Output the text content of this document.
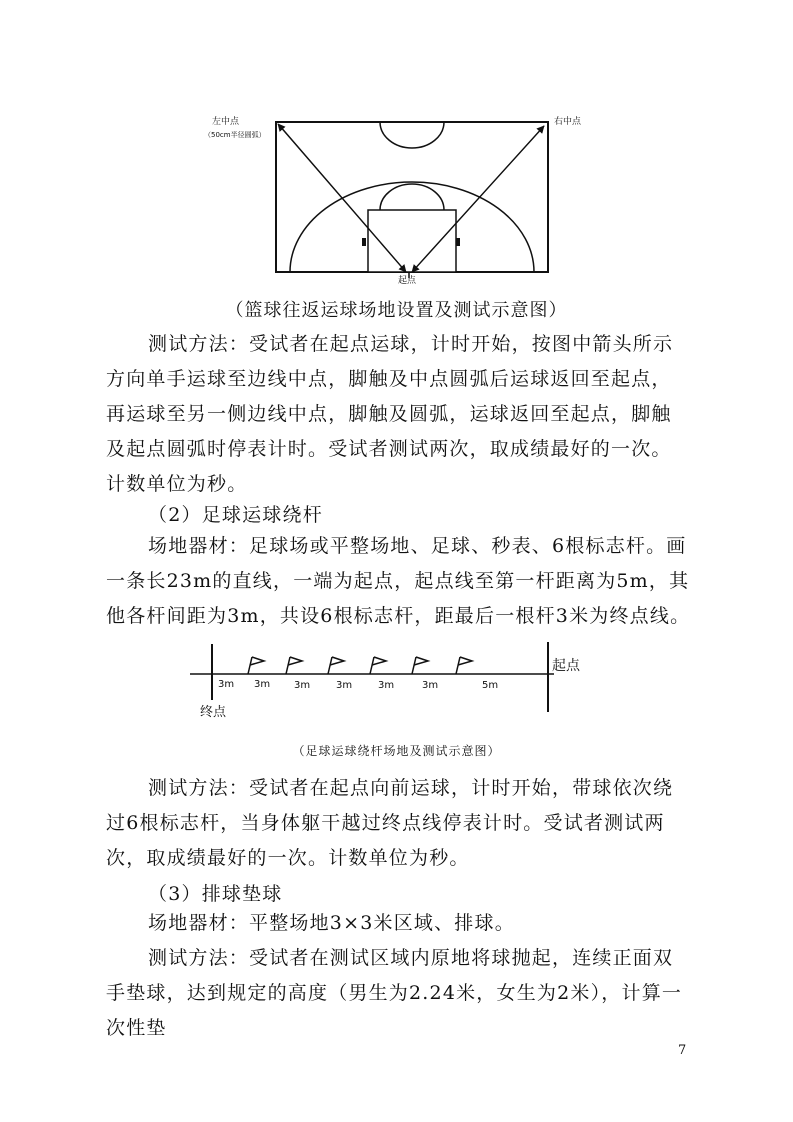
左中点
（50cm半径圆弧）
右中点
起点
（篮球往返运球场地设置及测试示意图）

测试方法：受试者在起点运球，计时开始，按图中箭头所示方向单手运球至边线中点，脚触及中点圆弧后运球返回至起点，再运球至另一侧边线中点，脚触及圆弧，运球返回至起点，脚触及起点圆弧时停表计时。受试者测试两次，取成绩最好的一次。计数单位为秒。

（2）足球运球绕杆

场地器材：足球场或平整场地、足球、秒表、6根标志杆。画一条长23m的直线，一端为起点，起点线至第一杆距离为5m，其他各杆间距为3m，共设6根标志杆，距最后一根杆3米为终点线。

3m 3m 3m	3m	3m	3m	5m
起点
终点
（足球运球绕杆场地及测试示意图）

测试方法：受试者在起点向前运球，计时开始，带球依次绕过6根标志杆，当身体躯干越过终点线停表计时。受试者测试两次，取成绩最好的一次。计数单位为秒。

（3）排球垫球

场地器材：平整场地3×3米区域、排球。

测试方法：受试者在测试区域内原地将球抛起，连续正面双手垫球，达到规定的高度（男生为2.24米，女生为2米），计算一次性垫

7
